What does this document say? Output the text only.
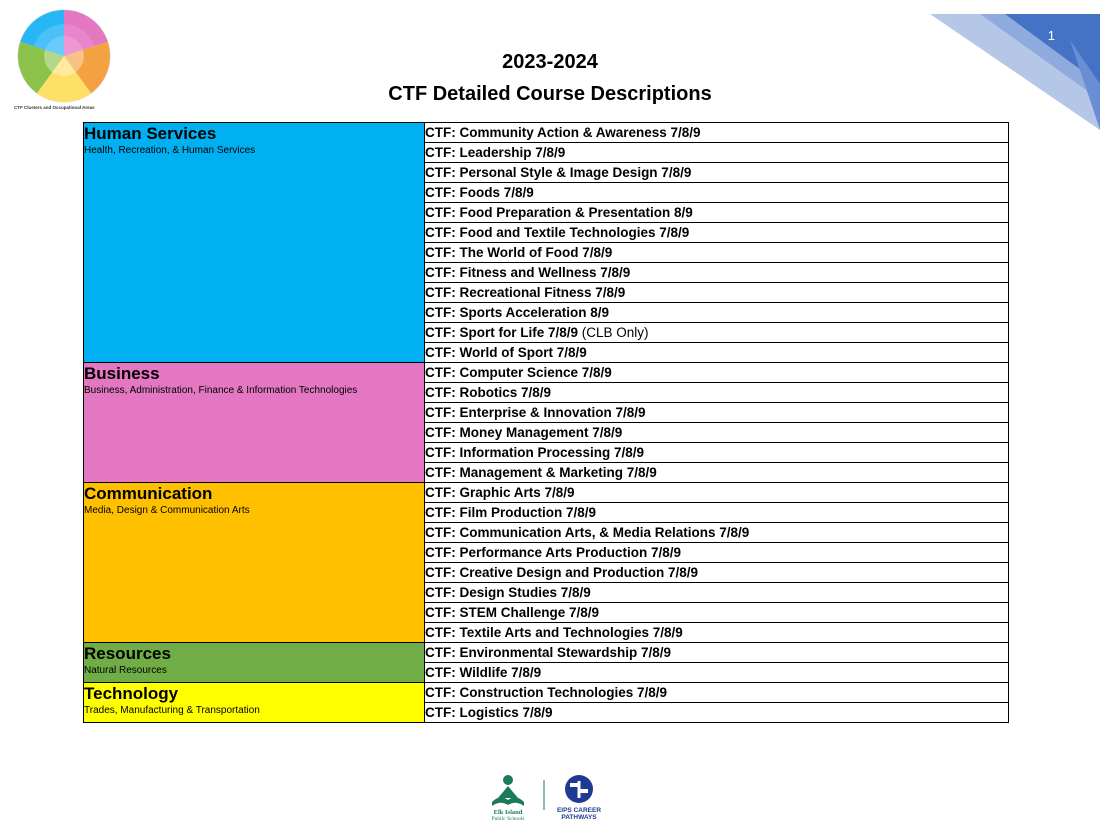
CTF Clusters and Occupational Areas
1
2023-2024
CTF Detailed Course Descriptions
Human Services
Health, Recreation, & Human Services	CTF: Community Action & Awareness 7/8/9
	CTF: Leadership 7/8/9
	CTF: Personal Style & Image Design 7/8/9
	CTF: Foods 7/8/9
	CTF: Food Preparation & Presentation 8/9
	CTF: Food and Textile Technologies 7/8/9
	CTF: The World of Food 7/8/9
	CTF: Fitness and Wellness 7/8/9
	CTF: Recreational Fitness 7/8/9
	CTF: Sports Acceleration 8/9
	CTF: Sport for Life 7/8/9 (CLB Only)
	CTF: World of Sport 7/8/9

Business
Business, Administration, Finance & Information Technologies	CTF: Computer Science 7/8/9
	CTF: Robotics 7/8/9
	CTF: Enterprise & Innovation 7/8/9
	CTF: Money Management 7/8/9
	CTF: Information Processing 7/8/9
	CTF: Management & Marketing 7/8/9

Communication
Media, Design & Communication Arts	CTF: Graphic Arts 7/8/9
	CTF: Film Production 7/8/9
	CTF: Communication Arts, & Media Relations 7/8/9
	CTF: Performance Arts Production 7/8/9
	CTF: Creative Design and Production 7/8/9
	CTF: Design Studies 7/8/9
	CTF: STEM Challenge 7/8/9
	CTF: Textile Arts and Technologies 7/8/9

Resources
Natural Resources	CTF: Environmental Stewardship 7/8/9
	CTF: Wildlife 7/8/9

Technology
Trades, Manufacturing & Transportation	CTF: Construction Technologies 7/8/9
	CTF: Logistics 7/8/9
Elk Island
Public Schools
EIPS CAREER
PATHWAYS
